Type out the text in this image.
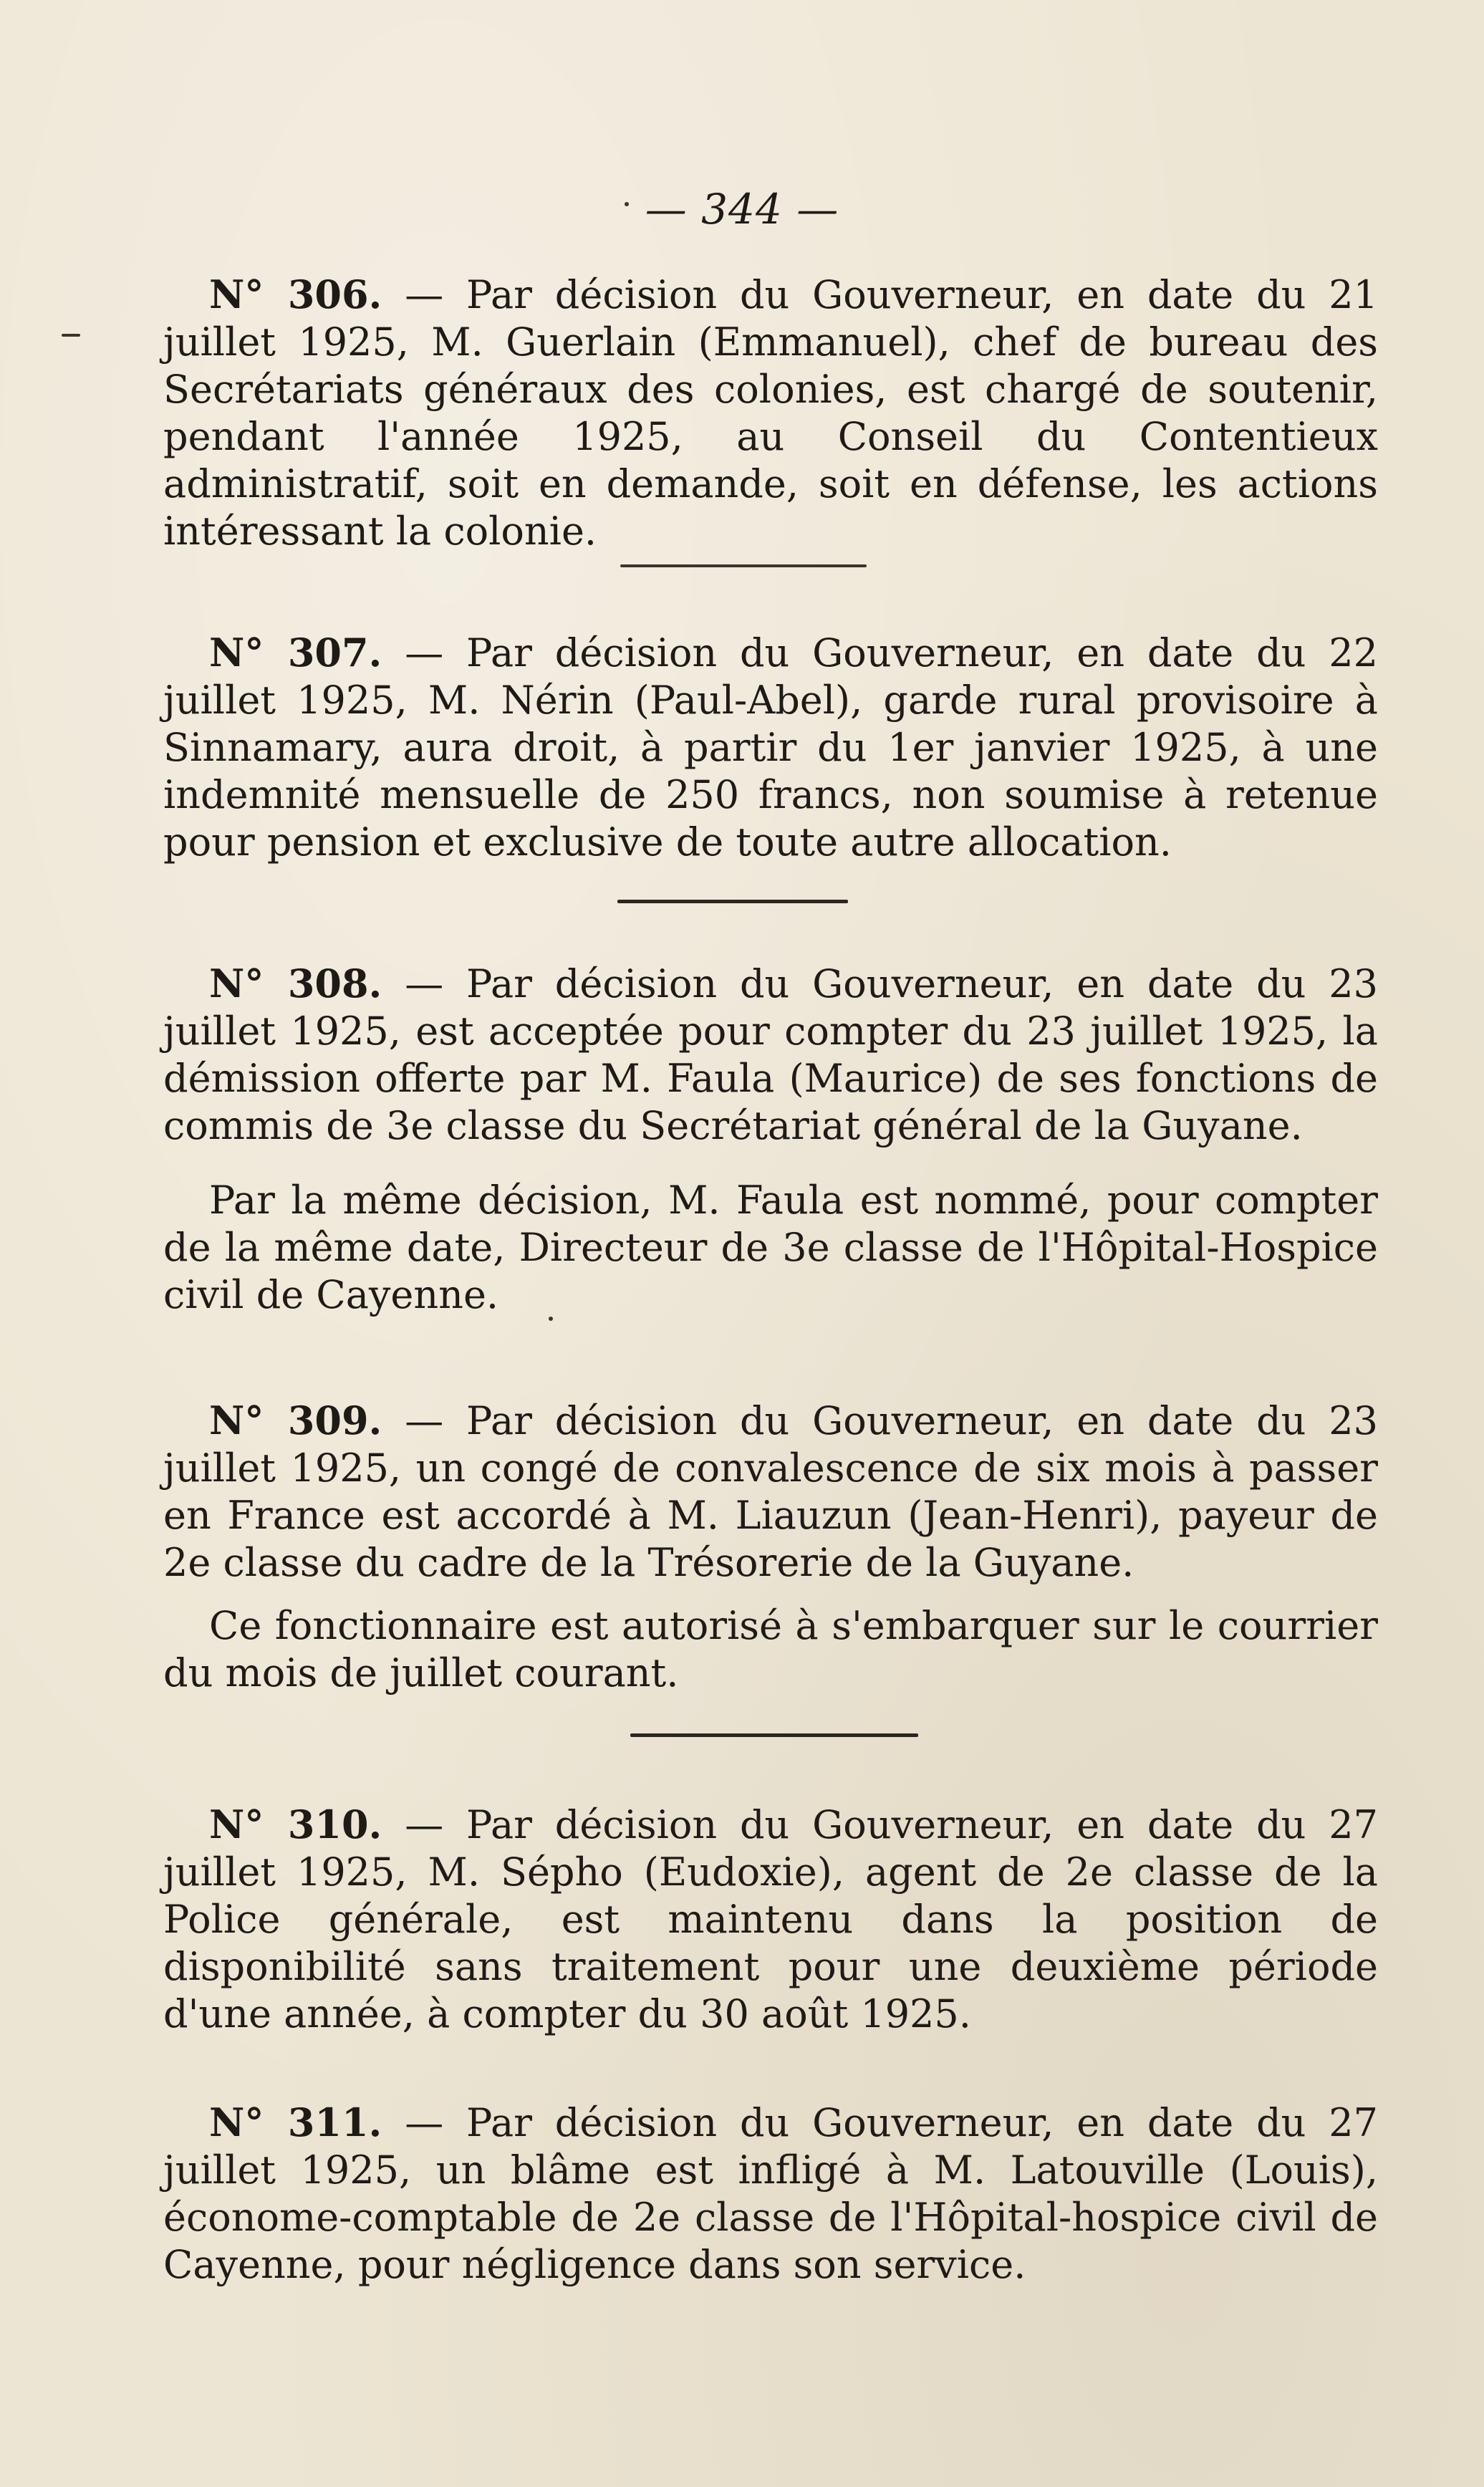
— 344 —

N° 306. — Par décision du Gouverneur, en date du 21 juillet 1925, M. Guerlain (Emmanuel), chef de bureau des Secrétariats généraux des colonies, est chargé de soutenir, pendant l'année 1925, au Conseil du Contentieux administratif, soit en demande, soit en défense, les actions intéressant la colonie.

N° 307. — Par décision du Gouverneur, en date du 22 juillet 1925, M. Nérin (Paul-Abel), garde rural provisoire à Sinnamary, aura droit, à partir du 1er janvier 1925, à une indemnité mensuelle de 250 francs, non soumise à retenue pour pension et exclusive de toute autre allocation.

N° 308. — Par décision du Gouverneur, en date du 23 juillet 1925, est acceptée pour compter du 23 juillet 1925, la démission offerte par M. Faula (Maurice) de ses fonctions de commis de 3e classe du Secrétariat général de la Guyane.

Par la même décision, M. Faula est nommé, pour compter de la même date, Directeur de 3e classe de l'Hôpital-Hospice civil de Cayenne.

N° 309. — Par décision du Gouverneur, en date du 23 juillet 1925, un congé de convalescence de six mois à passer en France est accordé à M. Liauzun (Jean-Henri), payeur de 2e classe du cadre de la Trésorerie de la Guyane.

Ce fonctionnaire est autorisé à s'embarquer sur le courrier du mois de juillet courant.

N° 310. — Par décision du Gouverneur, en date du 27 juillet 1925, M. Sépho (Eudoxie), agent de 2e classe de la Police générale, est maintenu dans la position de disponibilité sans traitement pour une deuxième période d'une année, à compter du 30 août 1925.

N° 311. — Par décision du Gouverneur, en date du 27 juillet 1925, un blâme est infligé à M. Latouville (Louis), économe-comptable de 2e classe de l'Hôpital-hospice civil de Cayenne, pour négligence dans son service.
